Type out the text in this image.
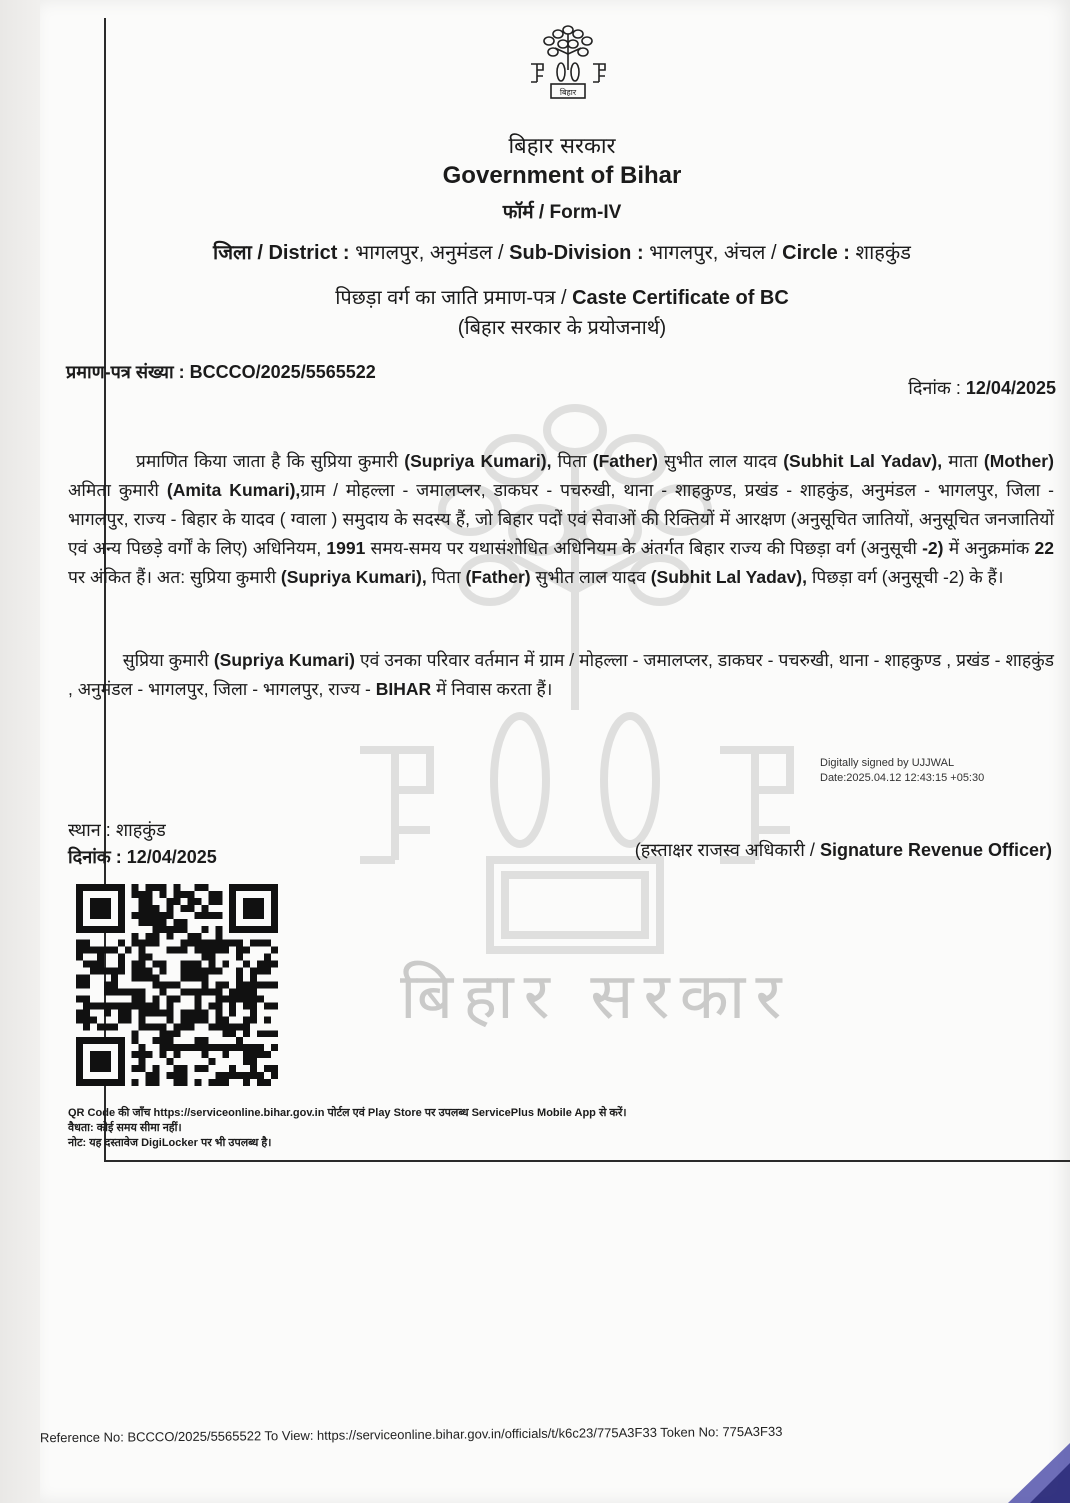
बिहार
बिहार सरकार
बिहार सरकार
Government of Bihar
फॉर्म / Form-IV
जिला / District : भागलपुर, अनुमंडल / Sub-Division : भागलपुर, अंचल / Circle : शाहकुंड
पिछड़ा वर्ग का जाति प्रमाण-पत्र / Caste Certificate of BC
(बिहार सरकार के प्रयोजनार्थ)
प्रमाण-पत्र संख्या : BCCCO/2025/5565522
दिनांक : 12/04/2025
प्रमाणित किया जाता है कि सुप्रिया कुमारी (Supriya Kumari), पिता (Father) सुभीत लाल यादव (Subhit Lal Yadav), माता (Mother) अमिता कुमारी (Amita Kumari),ग्राम / मोहल्ला - जमालप्लर, डाकघर - पचरुखी, थाना - शाहकुण्ड, प्रखंड - शाहकुंड, अनुमंडल - भागलपुर, जिला - भागलपुर, राज्य - बिहार के यादव ( ग्वाला ) समुदाय के सदस्य हैं, जो बिहार पदों एवं सेवाओं की रिक्तियों में आरक्षण (अनुसूचित जातियों, अनुसूचित जनजातियों एवं अन्य पिछड़े वर्गों के लिए) अधिनियम, 1991 समय-समय पर यथासंशोधित अधिनियम के अंतर्गत बिहार राज्य की पिछड़ा वर्ग (अनुसूची -2) में अनुक्रमांक 22 पर अंकित हैं। अत: सुप्रिया कुमारी (Supriya Kumari), पिता (Father) सुभीत लाल यादव (Subhit Lal Yadav), पिछड़ा वर्ग (अनुसूची -2) के हैं।
सुप्रिया कुमारी (Supriya Kumari) एवं उनका परिवार वर्तमान में ग्राम / मोहल्ला - जमालप्लर, डाकघर - पचरुखी, थाना - शाहकुण्ड , प्रखंड - शाहकुंड , अनुमंडल - भागलपुर, जिला - भागलपुर, राज्य - BIHAR में निवास करता हैं।
Digitally signed by UJJWAL
Date:2025.04.12 12:43:15 +05:30
स्थान : शाहकुंड
दिनांक : 12/04/2025	(हस्ताक्षर राजस्व अधिकारी / Signature Revenue Officer)
QR Code की जाँच https://serviceonline.bihar.gov.in पोर्टल एवं Play Store पर उपलब्ध ServicePlus Mobile App से करें।
वैधता: कोई समय सीमा नहीं।
नोट: यह दस्तावेज DigiLocker पर भी उपलब्ध है।
Reference No: BCCCO/2025/5565522 To View: https://serviceonline.bihar.gov.in/officials/t/k6c23/775A3F33 Token No: 775A3F33
